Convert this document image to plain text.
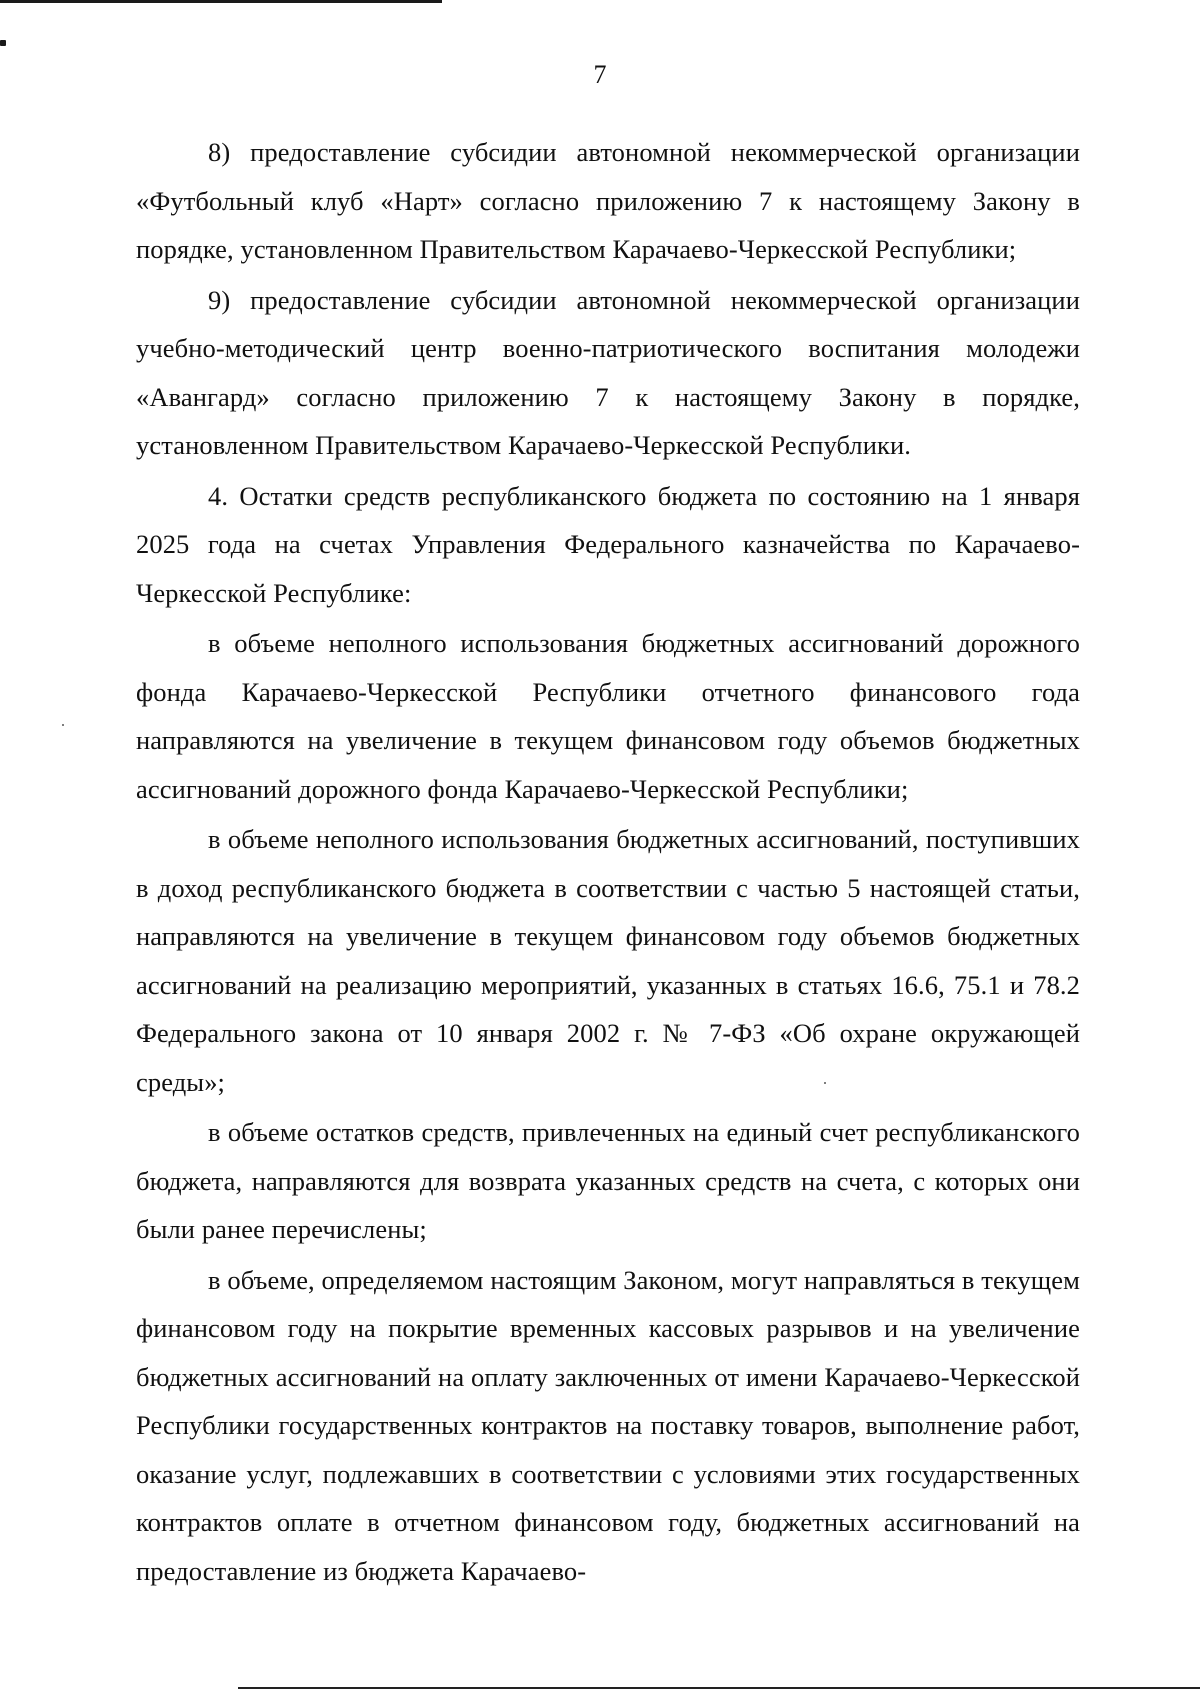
7

8) предоставление субсидии автономной некоммерческой организации «Футбольный клуб «Нарт» согласно приложению 7 к настоящему Закону в порядке, установленном Правительством Карачаево-Черкесской Республики;

9) предоставление субсидии автономной некоммерческой организации учебно-методический центр военно-патриотического воспитания молодежи «Авангард» согласно приложению 7 к настоящему Закону в порядке, установленном Правительством Карачаево-Черкесской Республики.

4. Остатки средств республиканского бюджета по состоянию на 1 января 2025 года на счетах Управления Федерального казначейства по Карачаево-Черкесской Республике:

в объеме неполного использования бюджетных ассигнований дорожного фонда Карачаево-Черкесской Республики отчетного финансового года направляются на увеличение в текущем финансовом году объемов бюджетных ассигнований дорожного фонда Карачаево-Черкесской Республики;

в объеме неполного использования бюджетных ассигнований, поступивших в доход республиканского бюджета в соответствии с частью 5 настоящей статьи, направляются на увеличение в текущем финансовом году объемов бюджетных ассигнований на реализацию мероприятий, указанных в статьях 16.6, 75.1 и 78.2 Федерального закона от 10 января 2002 г. № 7-ФЗ «Об охране окружающей среды»;

в объеме остатков средств, привлеченных на единый счет республиканского бюджета, направляются для возврата указанных средств на счета, с которых они были ранее перечислены;

в объеме, определяемом настоящим Законом, могут направляться в текущем финансовом году на покрытие временных кассовых разрывов и на увеличение бюджетных ассигнований на оплату заключенных от имени Карачаево-Черкесской Республики государственных контрактов на поставку товаров, выполнение работ, оказание услуг, подлежавших в соответствии с условиями этих государственных контрактов оплате в отчетном финансовом году, бюджетных ассигнований на предоставление из бюджета Карачаево-
